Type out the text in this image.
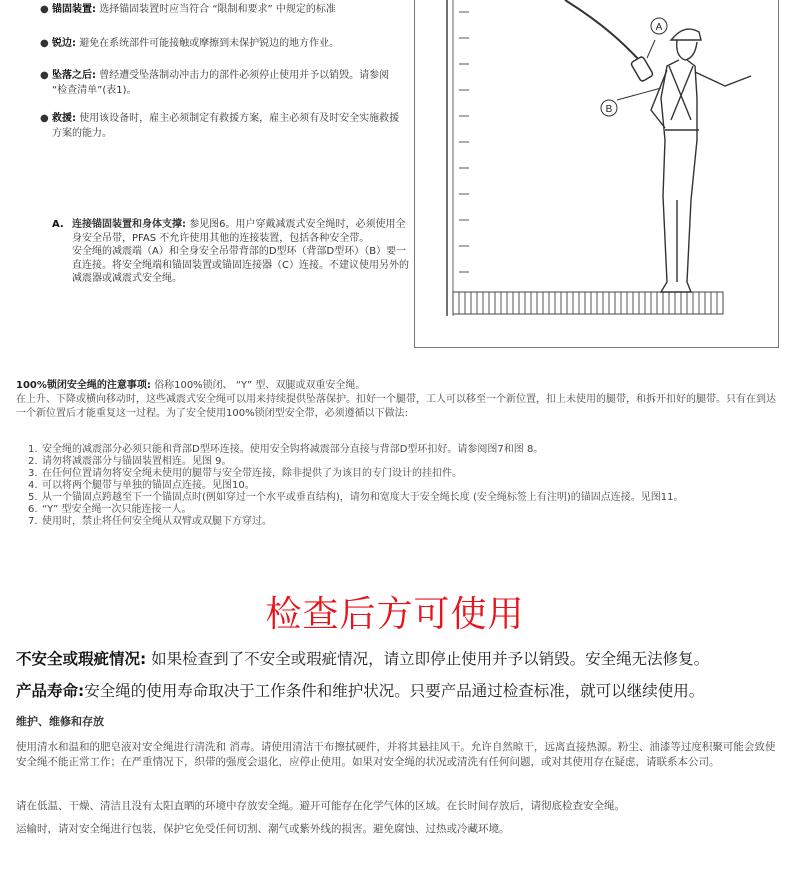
● 锚固装置: 选择锚固装置时应当符合 “限制和要求” 中规定的标准
● 锐边: 避免在系统部件可能接触或摩擦到未保护锐边的地方作业。
● 坠落之后: 曾经遭受坠落制动冲击力的部件必须停止使用并予以销毁。请参阅 “检查清单”(表1)。
● 救援: 使用该设备时，雇主必须制定有救援方案，雇主必须有及时安全实施救援方案的能力。
A. 连接锚固装置和身体支撑: 参见图6。用户穿戴减震式安全绳时，必须使用全身安全吊带，PFAS 不允许使用其他的连接装置，包括各种安全带。
安全绳的减震端（A）和全身安全吊带背部的D型环（背部D型环）（B）要一直连接。将安全绳端和锚固装置或锚固连接器（C）连接。不建议使用另外的减震器或减震式安全绳。
A
B
100%锁闭安全绳的注意事项: 俗称100%锁闭、 “Y” 型、双腿或双重安全绳。
在上升、下降或横向移动时，这些减震式安全绳可以用来持续提供坠落保护。扣好一个腿带，工人可以移至一个新位置，扣上未使用的腿带，和拆开扣好的腿带。只有在到达一个新位置后才能重复这一过程。为了安全使用100%锁闭型安全带，必须遵循以下做法:
1. 安全绳的减震部分必须只能和背部D型环连接。使用安全钩将减震部分直接与背部D型环扣好。请参阅图7和图 8。
2. 请勿将减震部分与锚固装置相连。见图 9。
3. 在任何位置请勿将安全绳未使用的腿带与安全带连接，除非提供了为该目的专门设计的挂扣件。
4. 可以将两个腿带与单独的锚固点连接。见图10。
5. 从一个锚固点跨越至下一个锚固点时(例如穿过一个水平或垂直结构)，请勿和宽度大于安全绳长度 (安全绳标签上有注明)的锚固点连接。见图11。
6. “Y” 型安全绳一次只能连接一人。
7. 使用时，禁止将任何安全绳从双臂或双腿下方穿过。
检查后方可使用
不安全或瑕疵情况: 如果检查到了不安全或瑕疵情况，请立即停止使用并予以销毁。安全绳无法修复。
产品寿命:安全绳的使用寿命取决于工作条件和维护状况。只要产品通过检查标准，就可以继续使用。
维护、维修和存放
使用清水和温和的肥皂液对安全绳进行清洗和 消毒。请使用清洁干布擦拭硬件，并将其悬挂风干。允许自然晾干，远离直接热源。粉尘、油漆等过度积聚可能会致使安全绳不能正常工作；在严重情况下，织带的强度会退化，应停止使用。如果对安全绳的状况或清洗有任何问题，或对其使用存在疑虑，请联系本公司。
请在低温、干燥、清洁且没有太阳直晒的环境中存放安全绳。避开可能存在化学气体的区域。在长时间存放后，请彻底检查安全绳。
运输时，请对安全绳进行包装，保护它免受任何切割、潮气或紫外线的损害。避免腐蚀、过热或冷藏环境。
